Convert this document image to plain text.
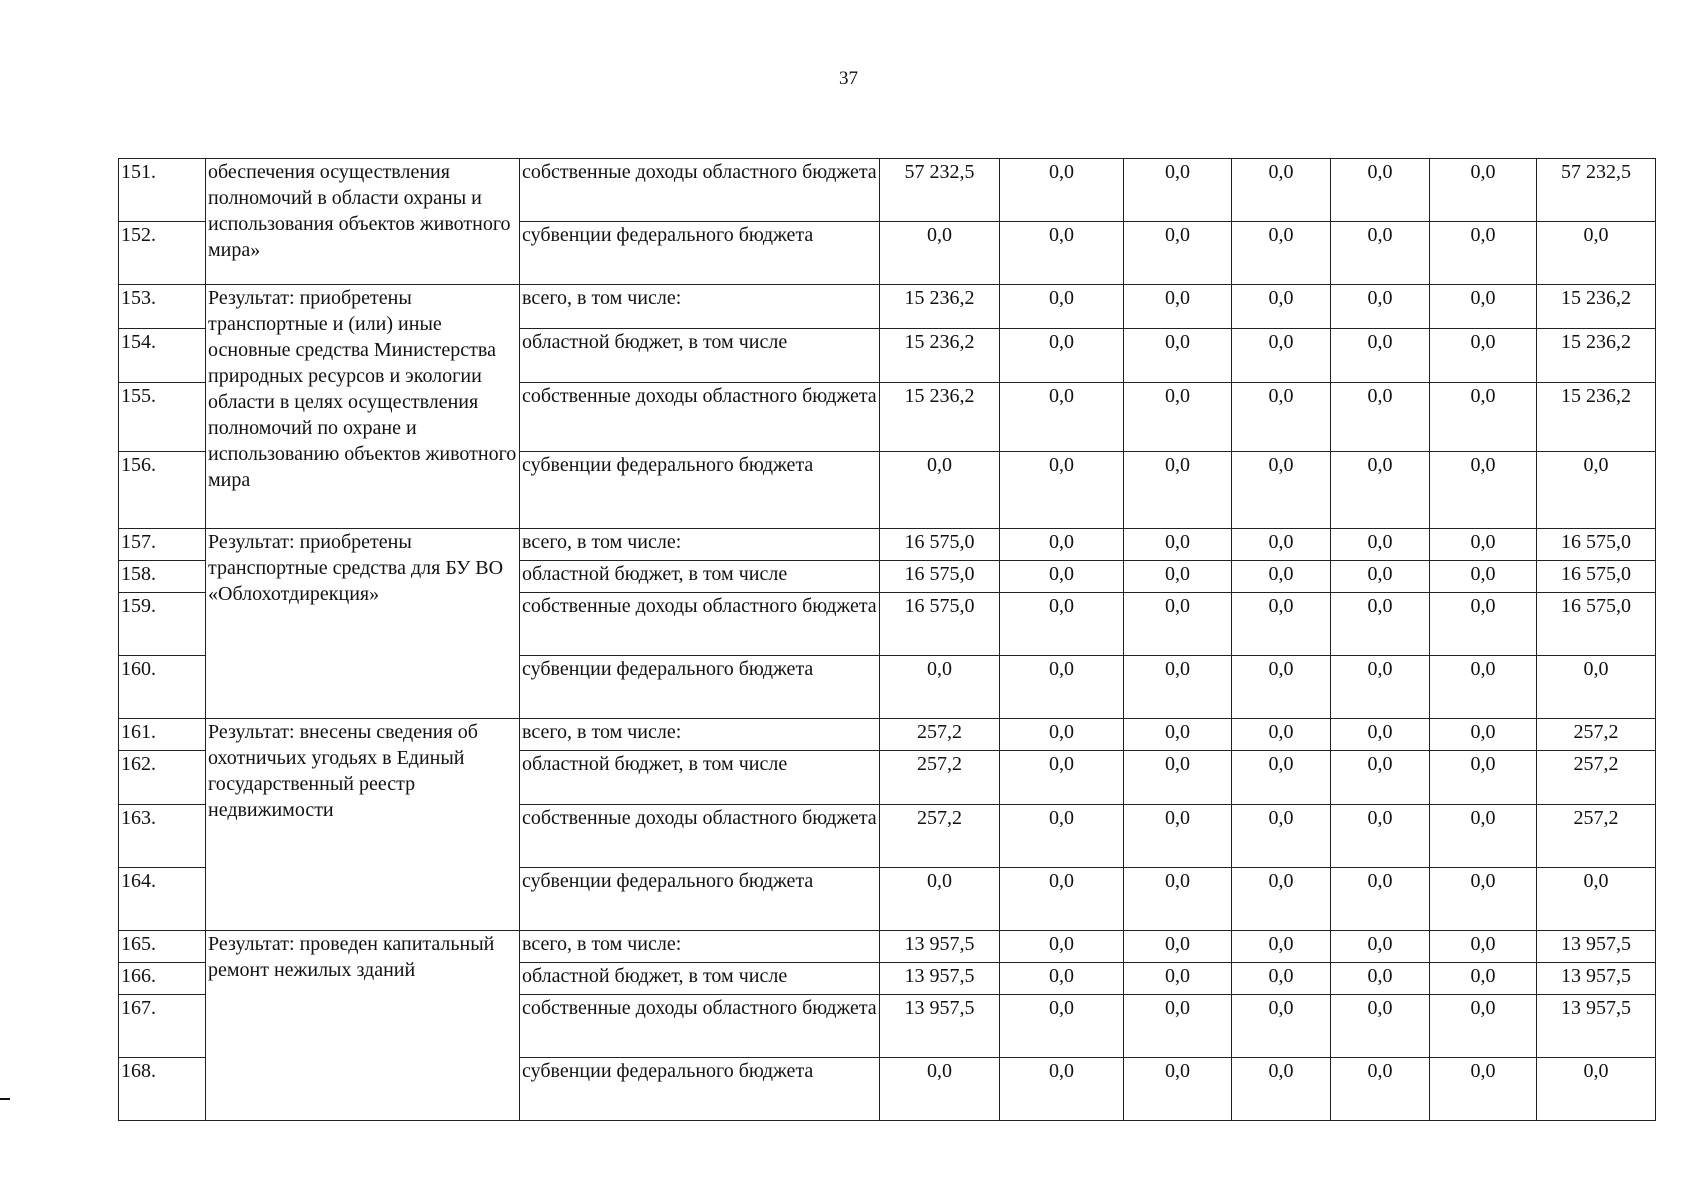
37
151.	обеспечения осуществления полномочий в области охраны и использования объектов животного мира»	собственные доходы областного бюджета	57 232,5	0,0	0,0	0,0	0,0	0,0	57 232,5
152.		субвенции федерального бюджета	0,0	0,0	0,0	0,0	0,0	0,0	0,0
153.	Результат: приобретены транспортные и (или) иные основные средства Министерства природных ресурсов и экологии области в целях осуществления полномочий по охране и использованию объектов животного мира	всего, в том числе:	15 236,2	0,0	0,0	0,0	0,0	0,0	15 236,2
154.		областной бюджет, в том числе	15 236,2	0,0	0,0	0,0	0,0	0,0	15 236,2
155.		собственные доходы областного бюджета	15 236,2	0,0	0,0	0,0	0,0	0,0	15 236,2
156.		субвенции федерального бюджета	0,0	0,0	0,0	0,0	0,0	0,0	0,0
157.	Результат: приобретены транспортные средства для БУ ВО «Облохотдирекция»	всего, в том числе:	16 575,0	0,0	0,0	0,0	0,0	0,0	16 575,0
158.		областной бюджет, в том числе	16 575,0	0,0	0,0	0,0	0,0	0,0	16 575,0
159.		собственные доходы областного бюджета	16 575,0	0,0	0,0	0,0	0,0	0,0	16 575,0
160.		субвенции федерального бюджета	0,0	0,0	0,0	0,0	0,0	0,0	0,0
161.	Результат: внесены сведения об охотничьих угодьях в Единый государственный реестр недвижимости	всего, в том числе:	257,2	0,0	0,0	0,0	0,0	0,0	257,2
162.		областной бюджет, в том числе	257,2	0,0	0,0	0,0	0,0	0,0	257,2
163.		собственные доходы областного бюджета	257,2	0,0	0,0	0,0	0,0	0,0	257,2
164.		субвенции федерального бюджета	0,0	0,0	0,0	0,0	0,0	0,0	0,0
165.	Результат: проведен капитальный ремонт нежилых зданий	всего, в том числе:	13 957,5	0,0	0,0	0,0	0,0	0,0	13 957,5
166.		областной бюджет, в том числе	13 957,5	0,0	0,0	0,0	0,0	0,0	13 957,5
167.		собственные доходы областного бюджета	13 957,5	0,0	0,0	0,0	0,0	0,0	13 957,5
168.		субвенции федерального бюджета	0,0	0,0	0,0	0,0	0,0	0,0	0,0
